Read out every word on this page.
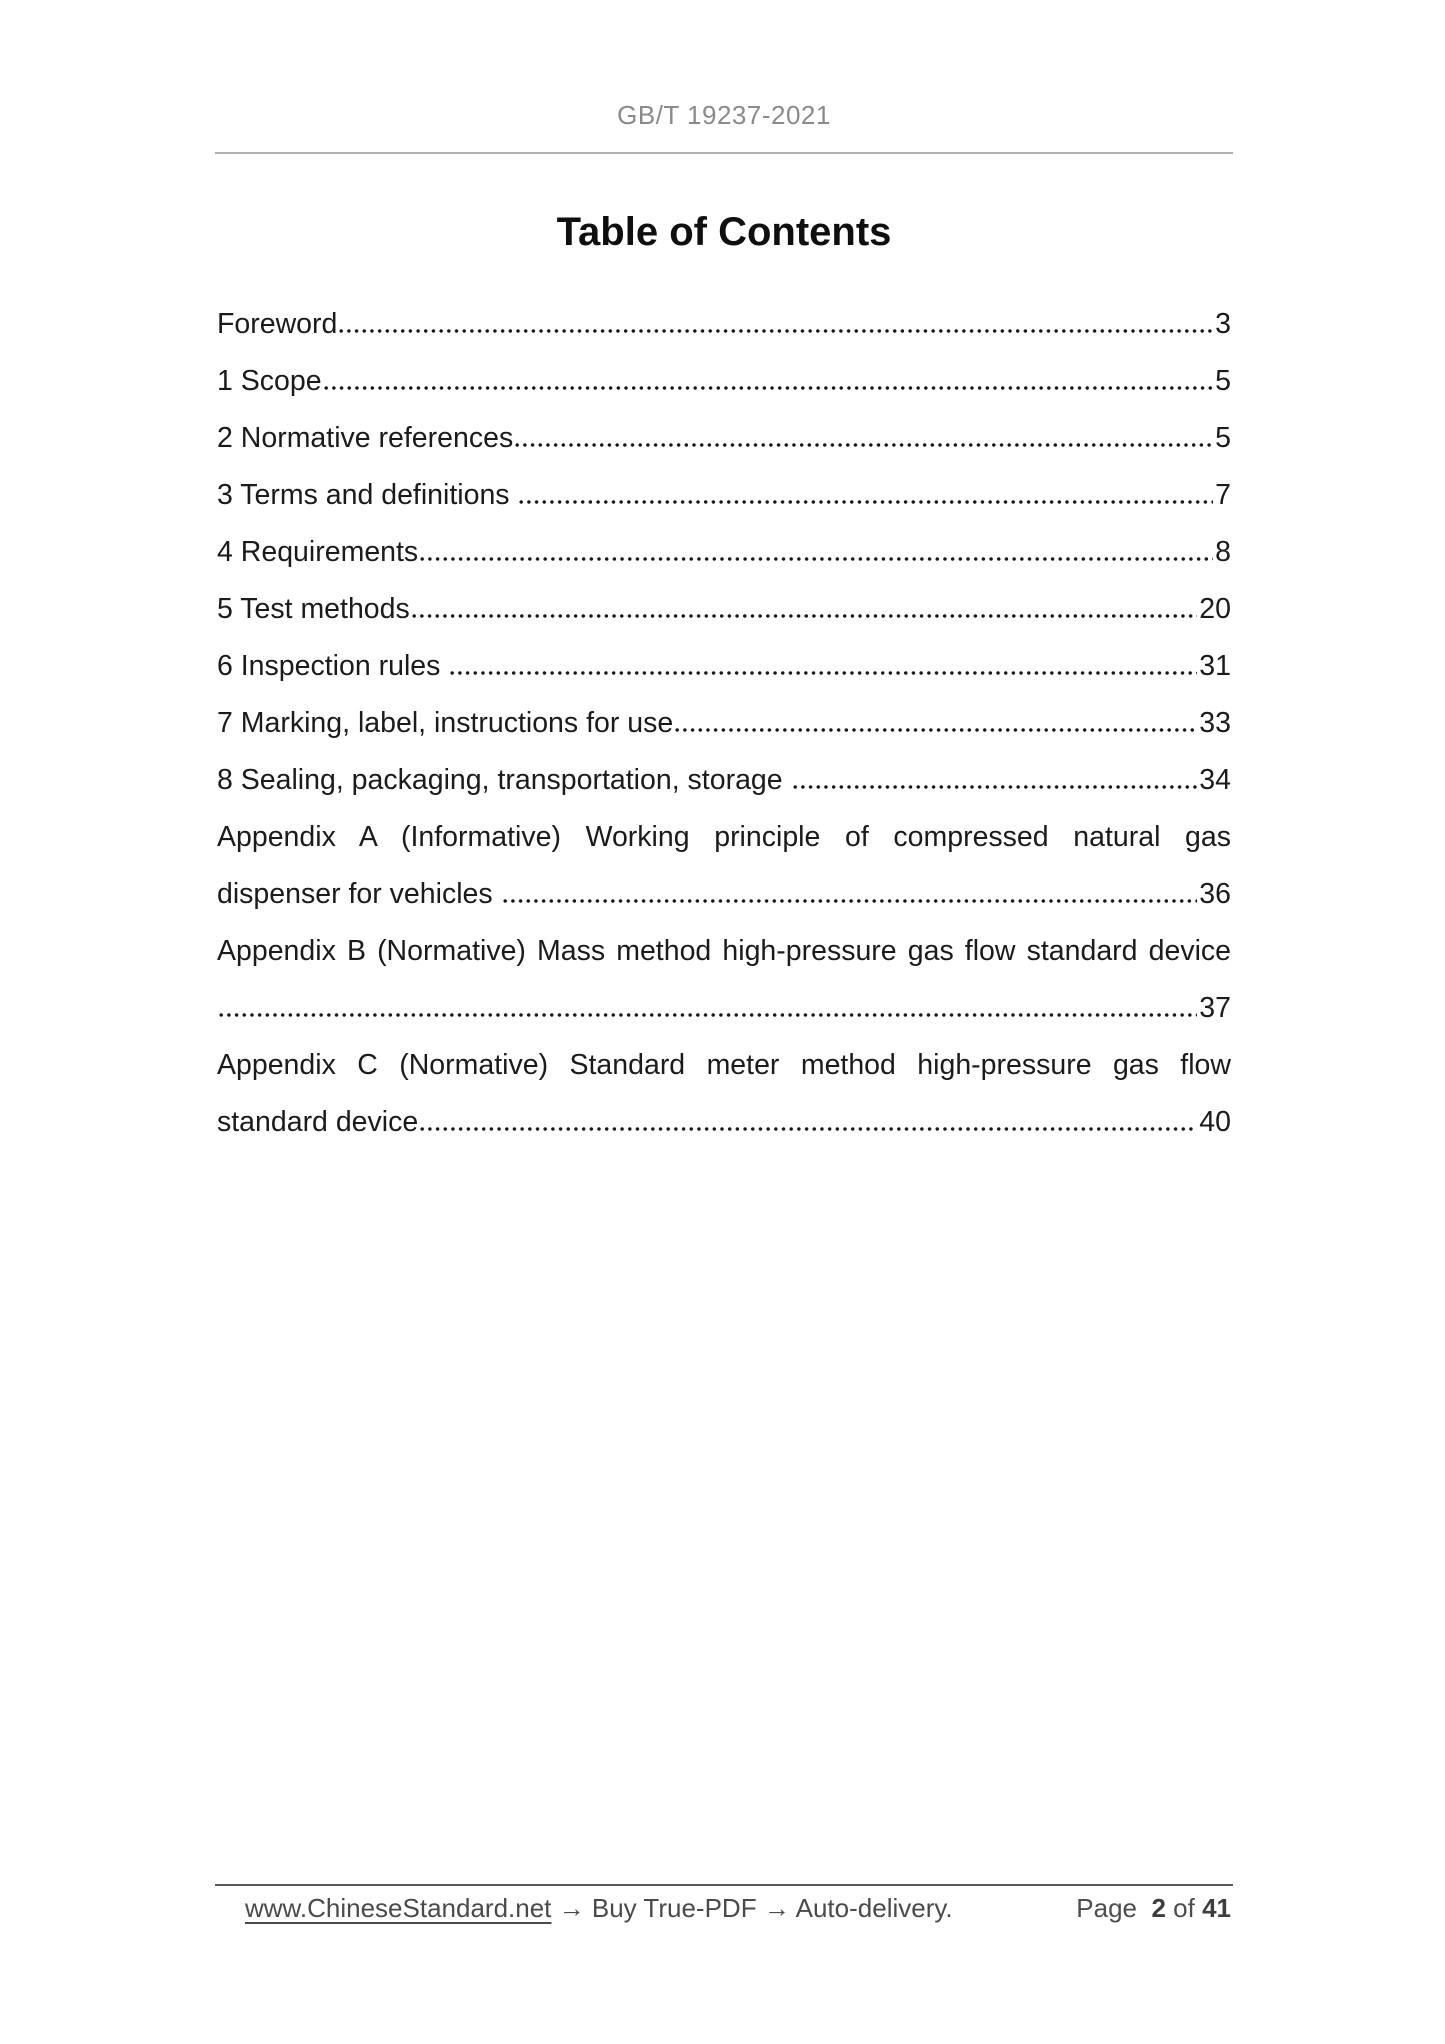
GB/T 19237-2021
Table of Contents
Foreword	3
1 Scope	5
2 Normative references	5
3 Terms and definitions	7
4 Requirements	8
5 Test methods	20
6 Inspection rules	31
7 Marking, label, instructions for use	33
8 Sealing, packaging, transportation, storage	34
Appendix A (Informative) Working principle of compressed natural gas
dispenser for vehicles	36
Appendix B (Normative) Mass method high-pressure gas flow standard device
37
Appendix C (Normative) Standard meter method high-pressure gas flow
standard device	40
www.ChineseStandard.net → Buy True-PDF → Auto-delivery.	Page 2 of 41
